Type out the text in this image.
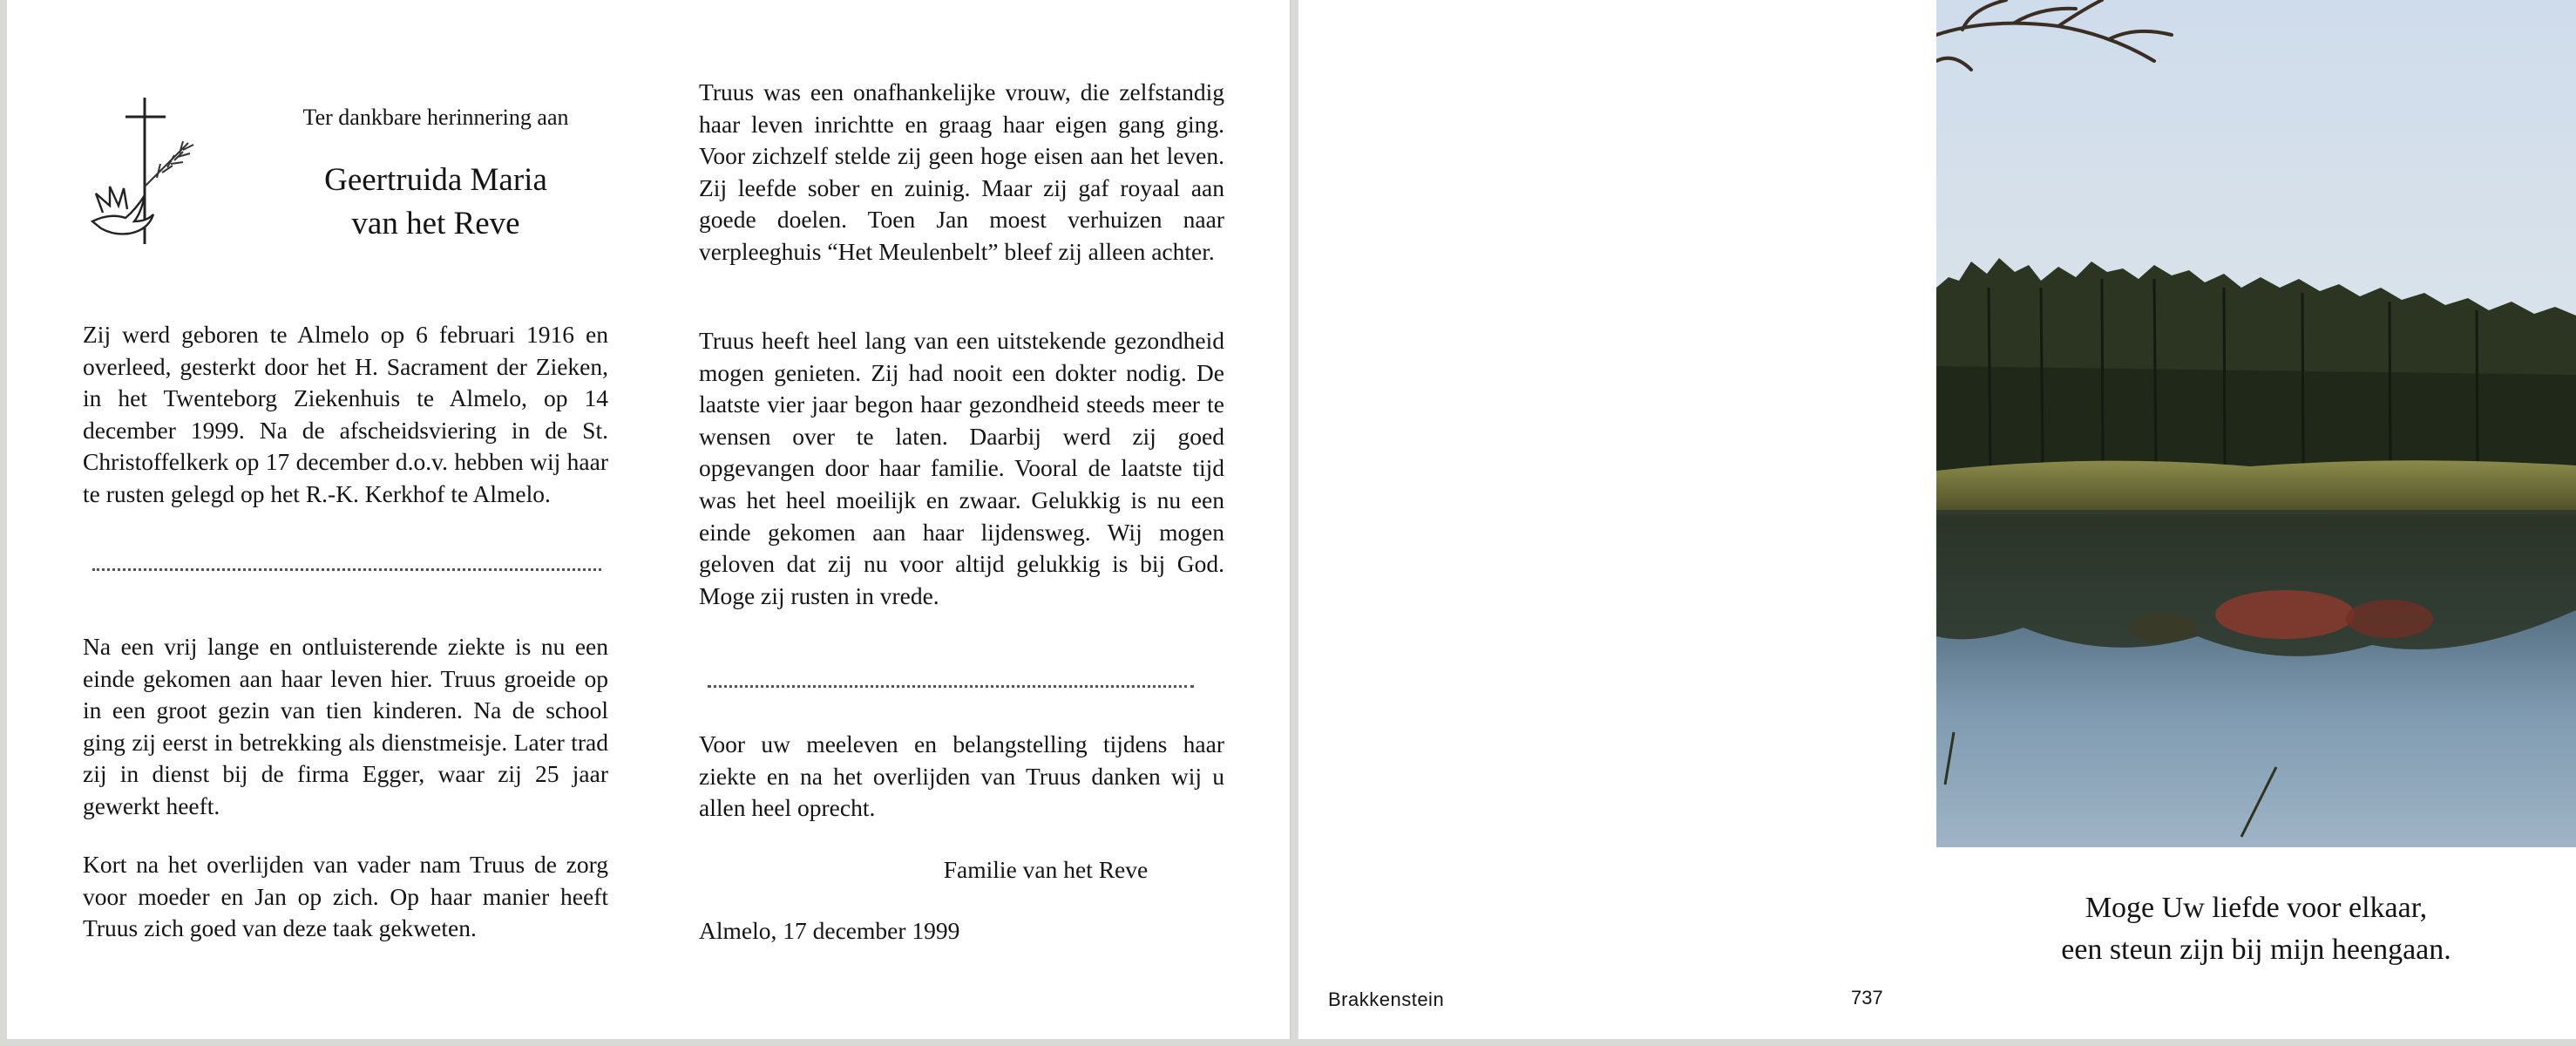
Ter dankbare herinnering aan
Geertruida Maria
van het Reve

Zij werd geboren te Almelo op 6 februari 1916 en overleed, gesterkt door het H. Sacrament der Zieken, in het Twenteborg Ziekenhuis te Almelo, op 14 december 1999. Na de afscheidsviering in de St. Christoffelkerk op 17 december d.o.v. hebben wij haar te rusten gelegd op het R.-K. Kerkhof te Almelo.

Na een vrij lange en ontluisterende ziekte is nu een einde gekomen aan haar leven hier. Truus groeide op in een groot gezin van tien kinderen. Na de school ging zij eerst in betrekking als dienstmeisje. Later trad zij in dienst bij de firma Egger, waar zij 25 jaar gewerkt heeft.

Kort na het overlijden van vader nam Truus de zorg voor moeder en Jan op zich. Op haar manier heeft Truus zich goed van deze taak gekweten.

Truus was een onafhankelijke vrouw, die zelfstandig haar leven inrichtte en graag haar eigen gang ging. Voor zichzelf stelde zij geen hoge eisen aan het leven. Zij leefde sober en zuinig. Maar zij gaf royaal aan goede doelen. Toen Jan moest verhuizen naar verpleeghuis “Het Meulenbelt” bleef zij alleen achter.

Truus heeft heel lang van een uitstekende gezondheid mogen genieten. Zij had nooit een dokter nodig. De laatste vier jaar begon haar gezondheid steeds meer te wensen over te laten. Daarbij werd zij goed opgevangen door haar familie. Vooral de laatste tijd was het heel moeilijk en zwaar. Gelukkig is nu een einde gekomen aan haar lijdensweg. Wij mogen geloven dat zij nu voor altijd gelukkig is bij God. Moge zij rusten in vrede.

Voor uw meeleven en belangstelling tijdens haar ziekte en na het overlijden van Truus danken wij u allen heel oprecht.

Familie van het Reve
Almelo, 17 december 1999
Moge Uw liefde voor elkaar,
een steun zijn bij mijn heengaan.
Brakkenstein	737
